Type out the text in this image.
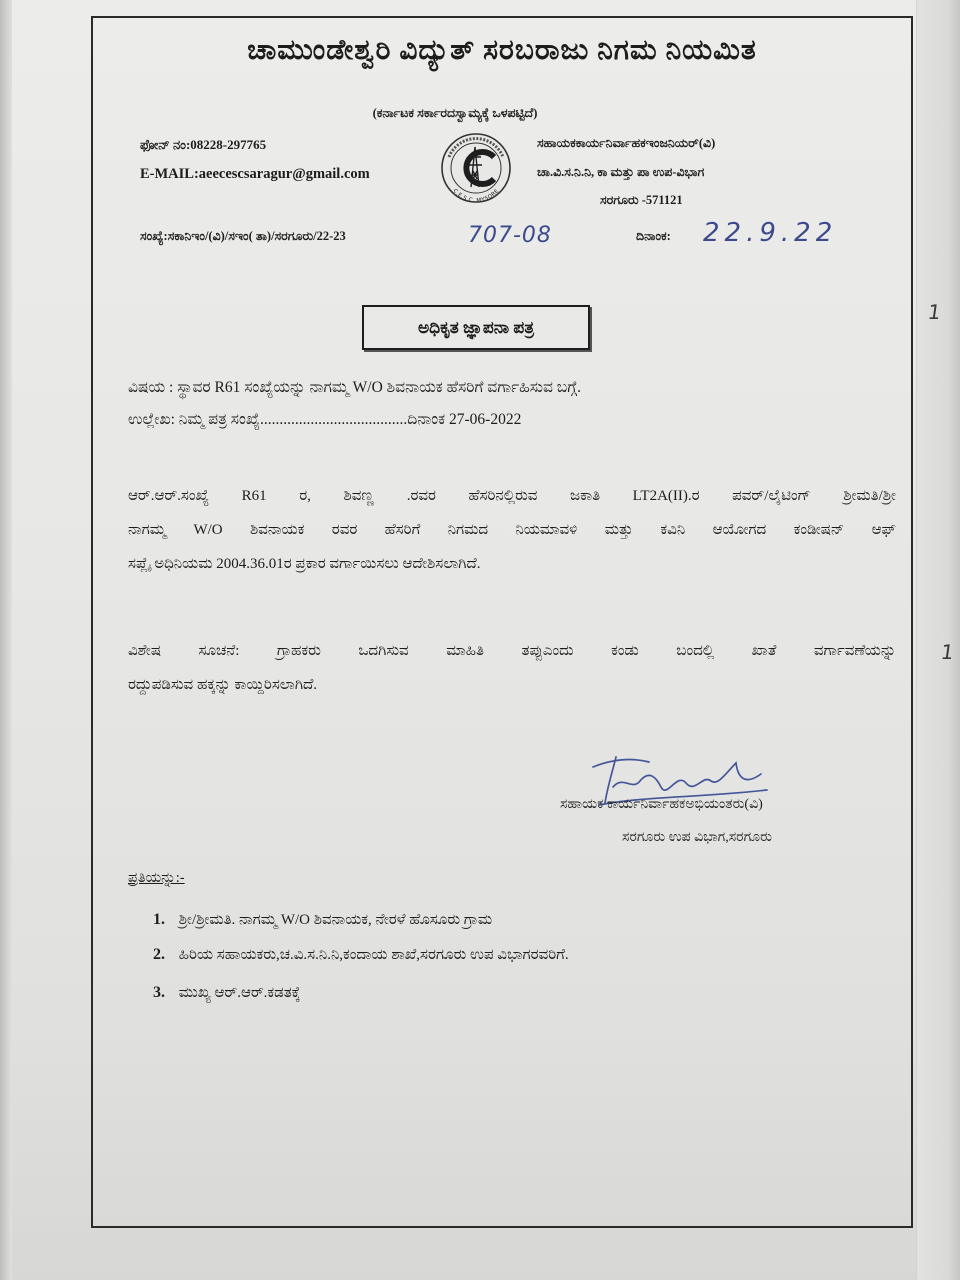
ಚಾಮುಂಡೇಶ್ವರಿ ವಿದ್ಯುತ್ ಸರಬರಾಜು ನಿಗಮ ನಿಯಮಿತ
(ಕರ್ನಾಟಕ ಸರ್ಕಾರದಸ್ವಾಮ್ಯಕ್ಕೆ ಒಳಪಟ್ಟಿದೆ)
ಫೋನ್ ನಂ:08228-297765
E-MAIL:aeecescsaragur@gmail.com
C.E.S.C. MYSORE
ಸಹಾಯಕಕಾರ್ಯನಿರ್ವಾಹಕಇಂಜನಿಯರ್(ವಿ)
ಚಾ.ವಿ.ಸ.ನಿ.ನಿ, ಕಾ ಮತ್ತು ಪಾ ಉಪ-ವಿಭಾಗ
ಸರಗೂರು -571121
ಸಂಖ್ಯೆ:ಸಕಾನಿಇಂ/(ವಿ)/ಸಇಂ( ತಾ)/ಸರಗೂರು/22-23	707-08	ದಿನಾಂಕ: 22.9.22
ಅಧಿಕೃತ ಜ್ಞಾಪನಾ ಪತ್ರ
ವಿಷಯ : ಸ್ಥಾವರ R61 ಸಂಖ್ಯೆಯನ್ನು ನಾಗಮ್ಮ W/O ಶಿವನಾಯಕ ಹೆಸರಿಗೆ ವರ್ಗಾಹಿಸುವ ಬಗ್ಗೆ.
ಉಲ್ಲೇಖ: ನಿಮ್ಮ ಪತ್ರ ಸಂಖ್ಯೆ......................................ದಿನಾಂಕ 27-06-2022
ಆರ್.ಆರ್.ಸಂಖ್ಯೆ R61 ರ, ಶಿವಣ್ಣ .ರವರ ಹೆಸರಿನಲ್ಲಿರುವ ಜಕಾತಿ LT2A(II).ರ ಪವರ್/ಲೈಟಿಂಗ್ ಶ್ರೀಮತಿ/ಶ್ರೀ
ನಾಗಮ್ಮ W/O ಶಿವನಾಯಕ ರವರ ಹೆಸರಿಗೆ ನಿಗಮದ ನಿಯಮಾವಳಿ ಮತ್ತು ಕವಿನಿ ಆಯೋಗದ ಕಂಡೀಷನ್ ಆಫ್
ಸಪ್ಲೈ ಅಧಿನಿಯಮ 2004.36.01ರ ಪ್ರಕಾರ ವರ್ಗಾಯಿಸಲು ಆದೇಶಿಸಲಾಗಿದೆ.
ವಿಶೇಷ ಸೂಚನೆ: ಗ್ರಾಹಕರು ಒದಗಿಸುವ ಮಾಹಿತಿ ತಪ್ಪುಎಂದು ಕಂಡು ಬಂದಲ್ಲಿ ಖಾತೆ ವರ್ಗಾವಣೆಯನ್ನು
ರದ್ದುಪಡಿಸುವ ಹಕ್ಕನ್ನು ಕಾಯ್ದಿರಿಸಲಾಗಿದೆ.
ಸಹಾಯಕ ಕಾರ್ಯನಿರ್ವಾಹಕಅಭಿಯಂತರು(ವಿ)
ಸರಗೂರು ಉಪ ವಿಭಾಗ,ಸರಗೂರು
ಪ್ರತಿಯನ್ನು:-
1. ಶ್ರೀ/ಶ್ರೀಮತಿ. ನಾಗಮ್ಮ W/O ಶಿವನಾಯಕ, ನೇರಳೆ ಹೊಸೂರು ಗ್ರಾಮ
2. ಹಿರಿಯ ಸಹಾಯಕರು,ಚ.ವಿ.ಸ.ನಿ.ನಿ,ಕಂದಾಯ ಶಾಖೆ,ಸರಗೂರು ಉಪ ವಿಭಾಗರವರಿಗೆ.
3. ಮುಖ್ಯ ಆರ್.ಆರ್.ಕಡತಕ್ಕೆ
1
1
